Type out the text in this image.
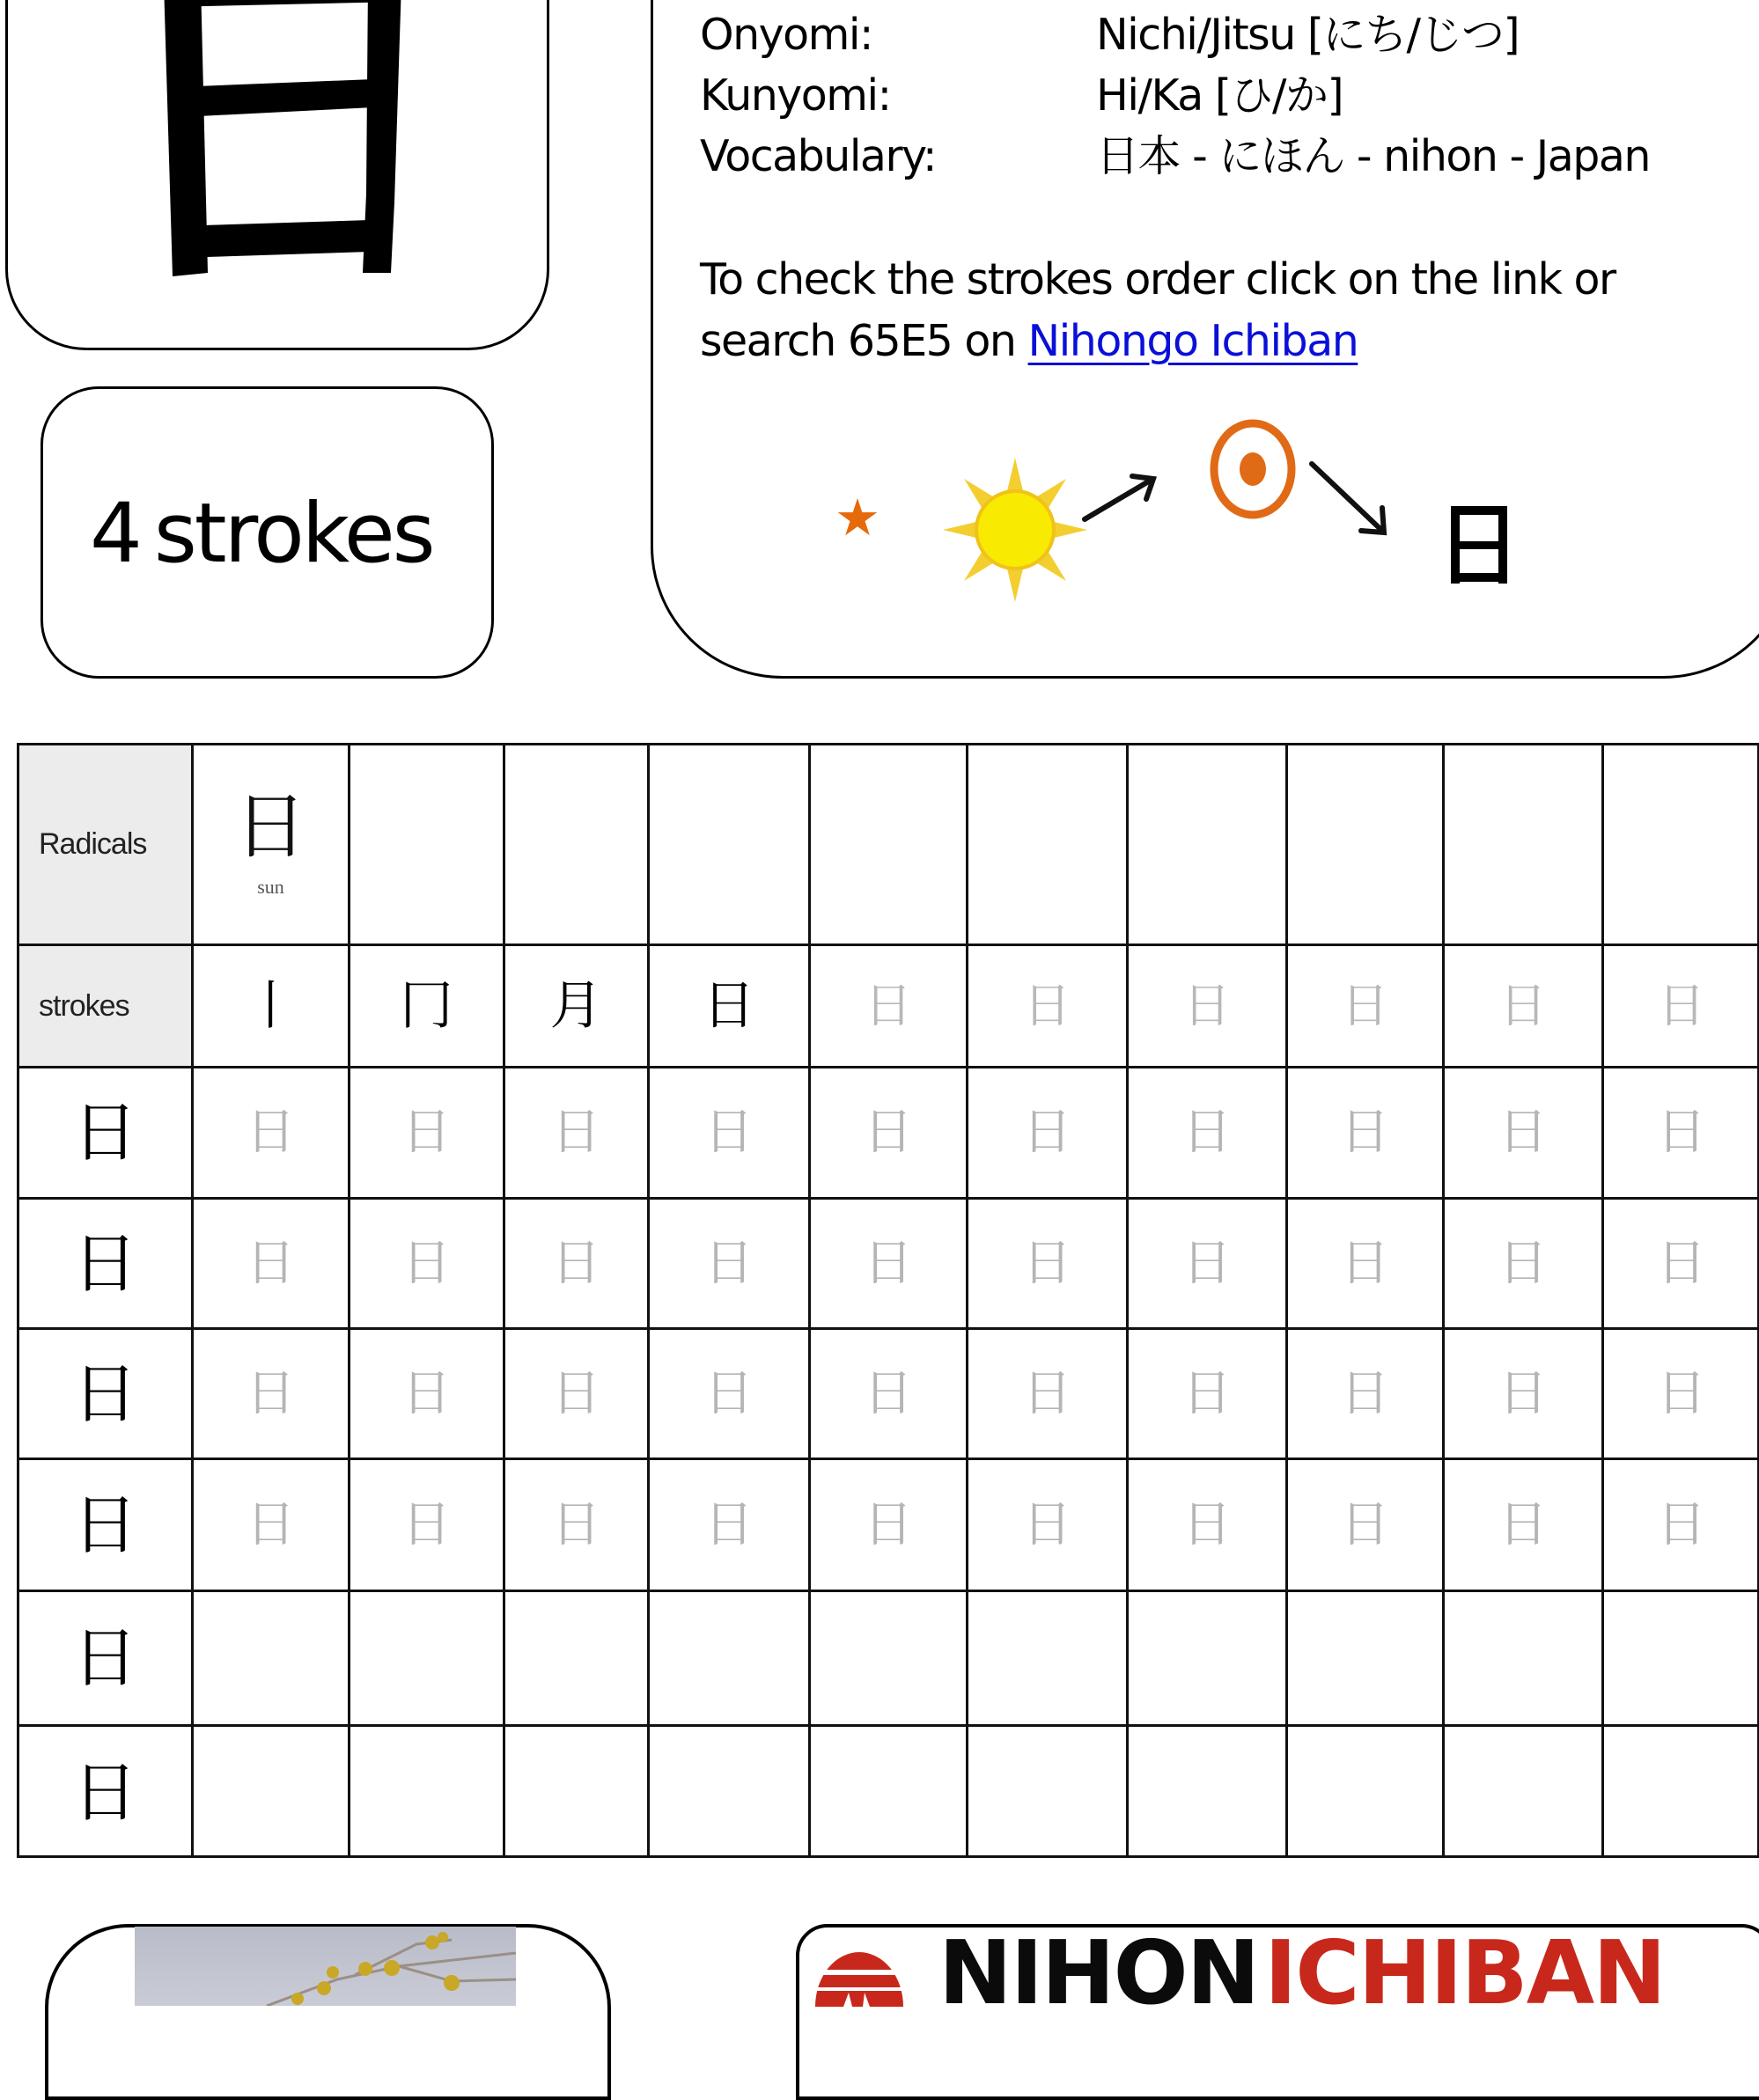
4 strokes
Onyomi:	Nichi/Jitsu [にち/じつ]
Kunyomi:	Hi/Ka [ひ/か]
Vocabulary:	日本 - にほん - nihon - Japan
To check the strokes order click on the link or
search 65E5 on Nihongo Ichiban
★
Radicals	日
sun
strokes	丨 冂 月 日 日 日 日 日 日 日
日 日 日 日 日 日 日 日 日 日 日
日 日 日 日 日 日 日 日 日 日 日
日 日 日 日 日 日 日 日 日 日 日
日 日 日 日 日 日 日 日 日 日 日
日
日
NIHON ICHIBAN
